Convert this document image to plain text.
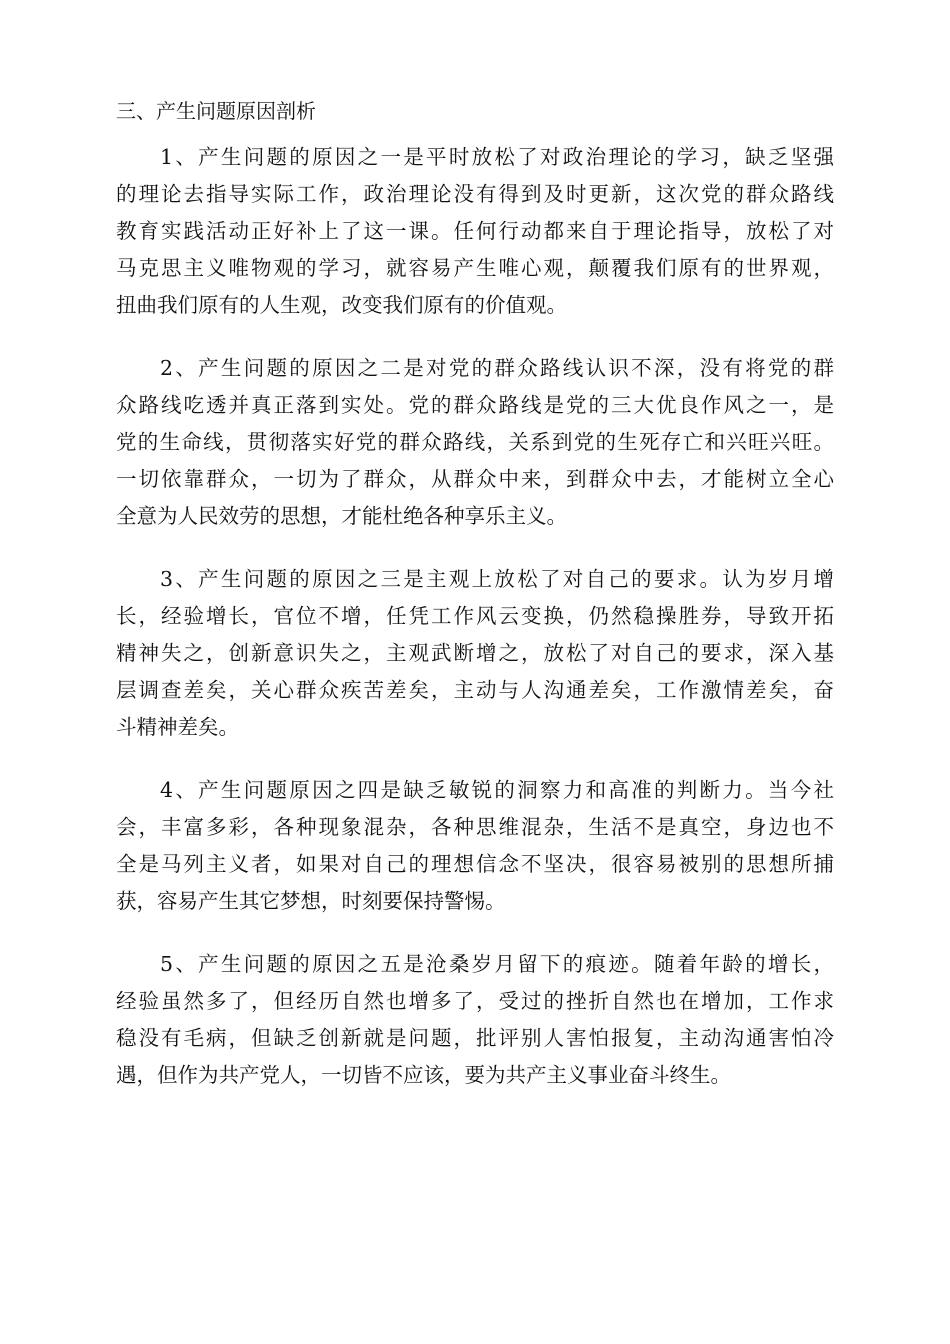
三、产生问题原因剖析
1、产生问题的原因之一是平时放松了对政治理论的学习，缺乏坚强
的理论去指导实际工作，政治理论没有得到及时更新，这次党的群众路线
教育实践活动正好补上了这一课。任何行动都来自于理论指导，放松了对
马克思主义唯物观的学习，就容易产生唯心观，颠覆我们原有的世界观，
扭曲我们原有的人生观，改变我们原有的价值观。
2、产生问题的原因之二是对党的群众路线认识不深，没有将党的群
众路线吃透并真正落到实处。党的群众路线是党的三大优良作风之一，是
党的生命线，贯彻落实好党的群众路线，关系到党的生死存亡和兴旺兴旺。
一切依靠群众，一切为了群众，从群众中来，到群众中去，才能树立全心
全意为人民效劳的思想，才能杜绝各种享乐主义。
3、产生问题的原因之三是主观上放松了对自己的要求。认为岁月增
长，经验增长，官位不增，任凭工作风云变换，仍然稳操胜券，导致开拓
精神失之，创新意识失之，主观武断增之，放松了对自己的要求，深入基
层调查差矣，关心群众疾苦差矣，主动与人沟通差矣，工作激情差矣，奋
斗精神差矣。
4、产生问题原因之四是缺乏敏锐的洞察力和高准的判断力。当今社
会，丰富多彩，各种现象混杂，各种思维混杂，生活不是真空，身边也不
全是马列主义者，如果对自己的理想信念不坚决，很容易被别的思想所捕
获，容易产生其它梦想，时刻要保持警惕。
5、产生问题的原因之五是沧桑岁月留下的痕迹。随着年龄的增长，
经验虽然多了，但经历自然也增多了，受过的挫折自然也在增加，工作求
稳没有毛病，但缺乏创新就是问题，批评别人害怕报复，主动沟通害怕冷
遇，但作为共产党人，一切皆不应该，要为共产主义事业奋斗终生。
